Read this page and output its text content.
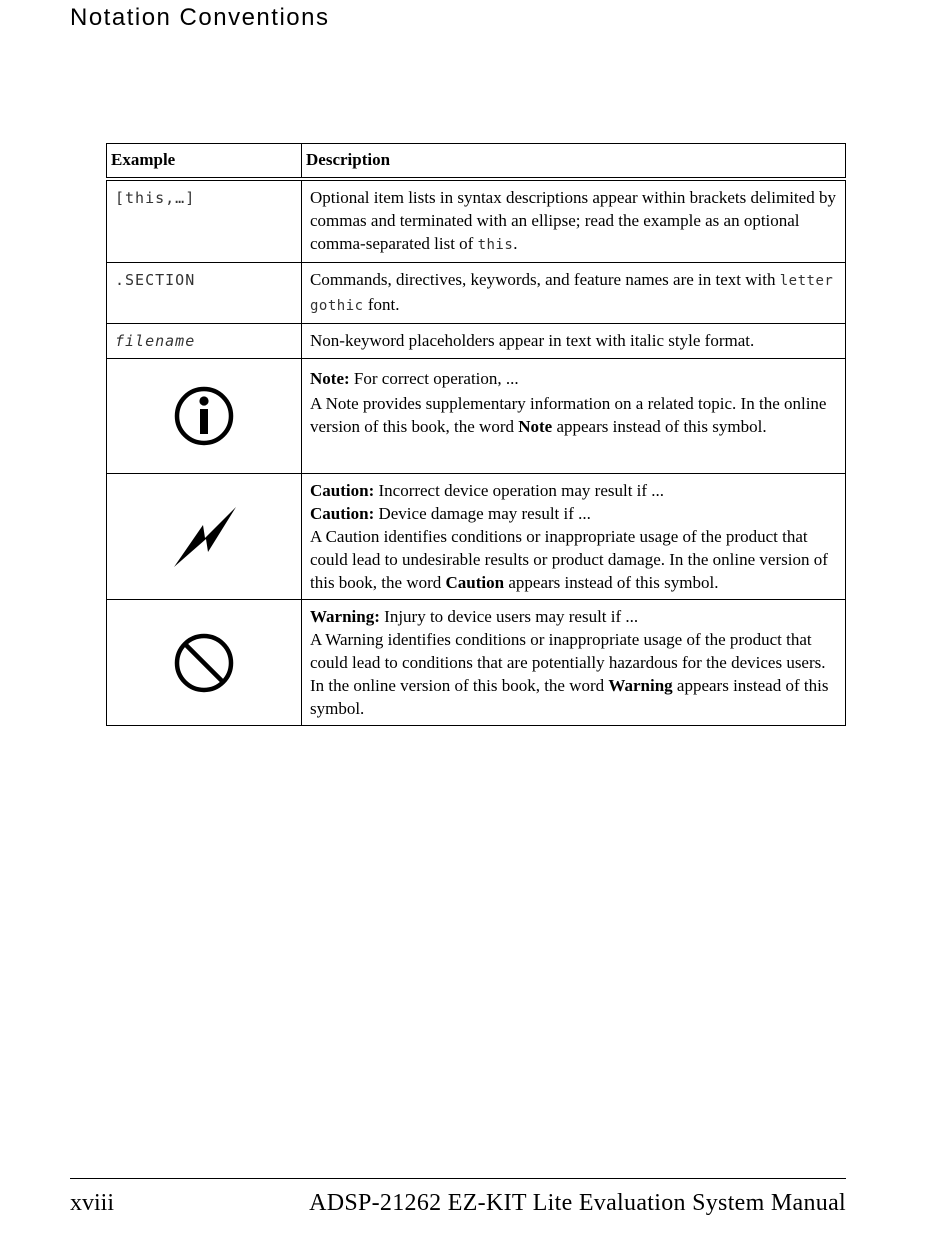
Notation Conventions
Example	Description
[this,…]	Optional item lists in syntax descriptions appear within brackets delimited by commas and terminated with an ellipse; read the example as an optional comma-separated list of this.
.SECTION	Commands, directives, keywords, and feature names are in text with letter gothic font.
filename	Non-keyword placeholders appear in text with italic style format.

Note: For correct operation, ...
A Note provides supplementary information on a related topic. In the online version of this book, the word Note appears instead of this symbol.

Caution: Incorrect device operation may result if ...
Caution: Device damage may result if ...
A Caution identifies conditions or inappropriate usage of the product that could lead to undesirable results or product damage. In the online version of this book, the word Caution appears instead of this symbol.

Warning: Injury to device users may result if ...
A Warning identifies conditions or inappropriate usage of the product that could lead to conditions that are potentially hazardous for the devices users. In the online version of this book, the word Warning appears instead of this symbol.
xviii	ADSP-21262 EZ-KIT Lite Evaluation System Manual
